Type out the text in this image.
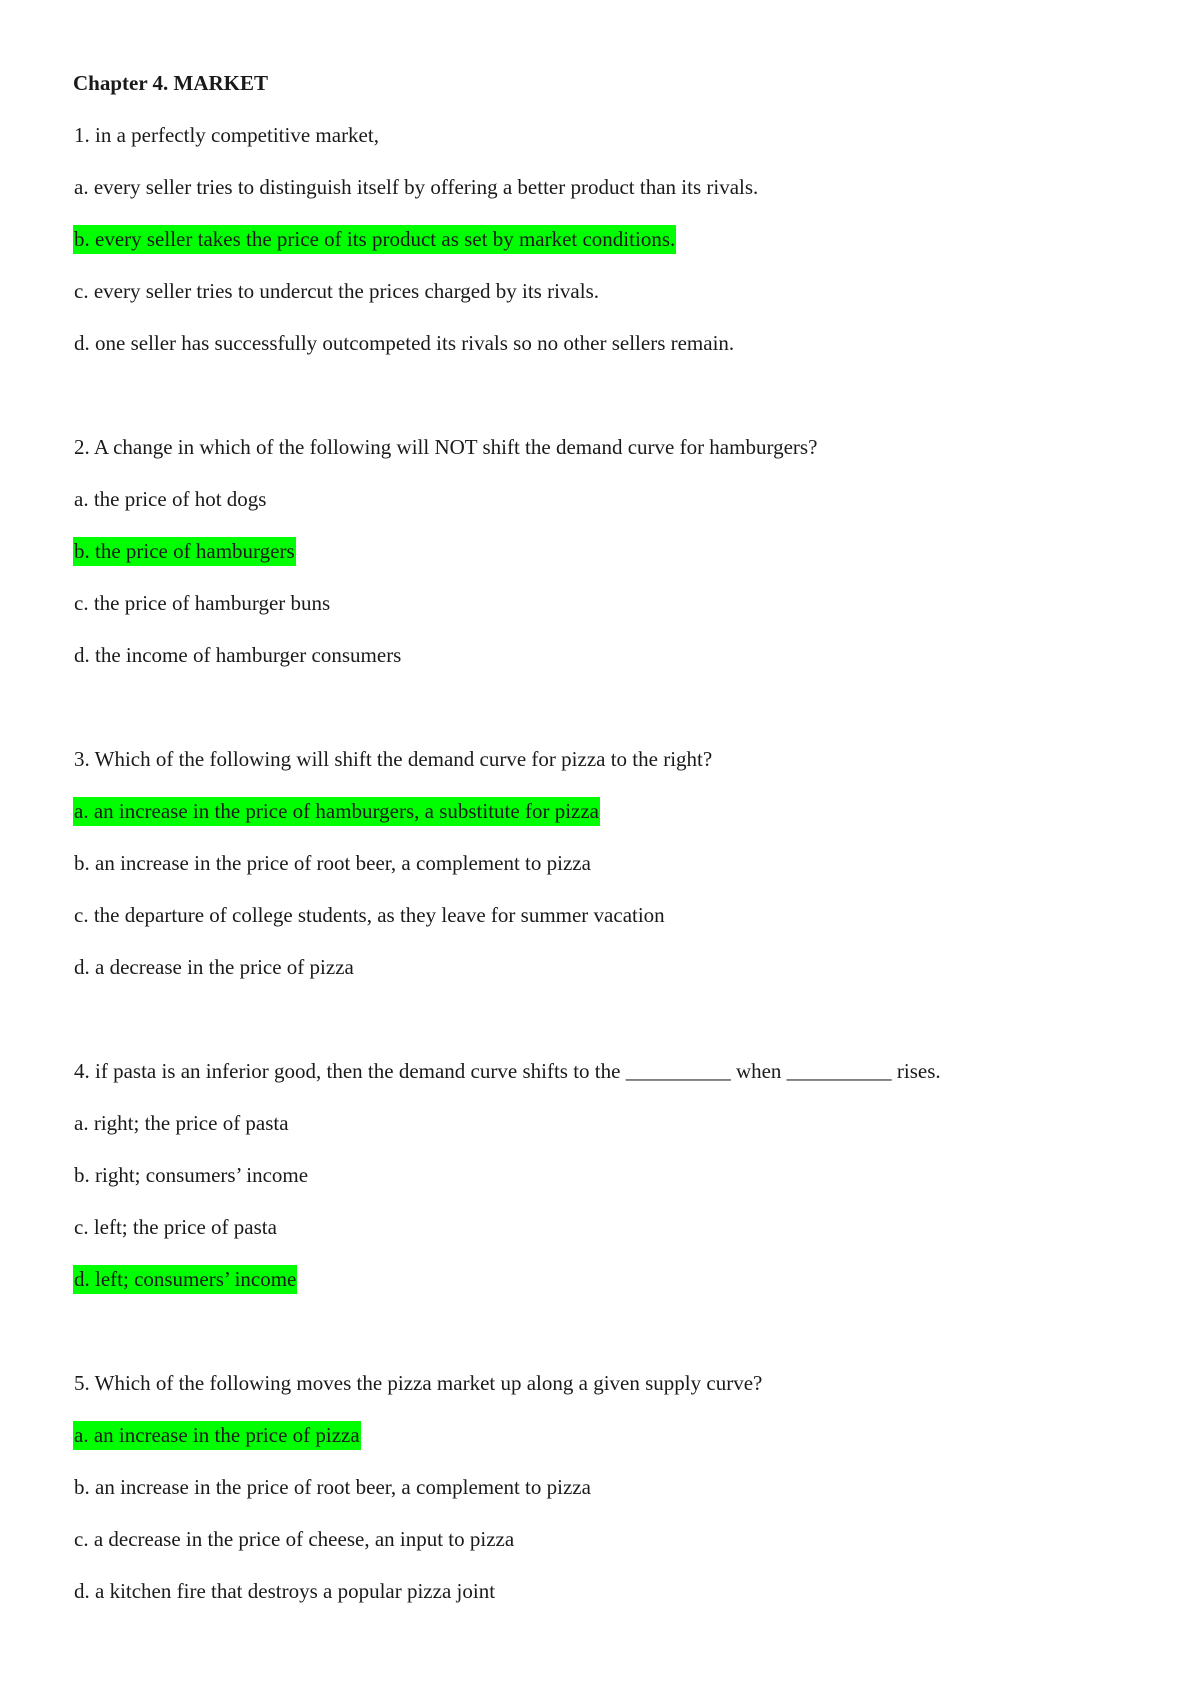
Chapter 4. MARKET
1. in a perfectly competitive market,
a. every seller tries to distinguish itself by offering a better product than its rivals.
b. every seller takes the price of its product as set by market conditions.
c. every seller tries to undercut the prices charged by its rivals.
d. one seller has successfully outcompeted its rivals so no other sellers remain.
2. A change in which of the following will NOT shift the demand curve for hamburgers?
a. the price of hot dogs
b. the price of hamburgers
c. the price of hamburger buns
d. the income of hamburger consumers
3. Which of the following will shift the demand curve for pizza to the right?
a. an increase in the price of hamburgers, a substitute for pizza
b. an increase in the price of root beer, a complement to pizza
c. the departure of college students, as they leave for summer vacation
d. a decrease in the price of pizza
4. if pasta is an inferior good, then the demand curve shifts to the __________ when __________ rises.
a. right; the price of pasta
b. right; consumers’ income
c. left; the price of pasta
d. left; consumers’ income
5. Which of the following moves the pizza market up along a given supply curve?
a. an increase in the price of pizza
b. an increase in the price of root beer, a complement to pizza
c. a decrease in the price of cheese, an input to pizza
d. a kitchen fire that destroys a popular pizza joint
